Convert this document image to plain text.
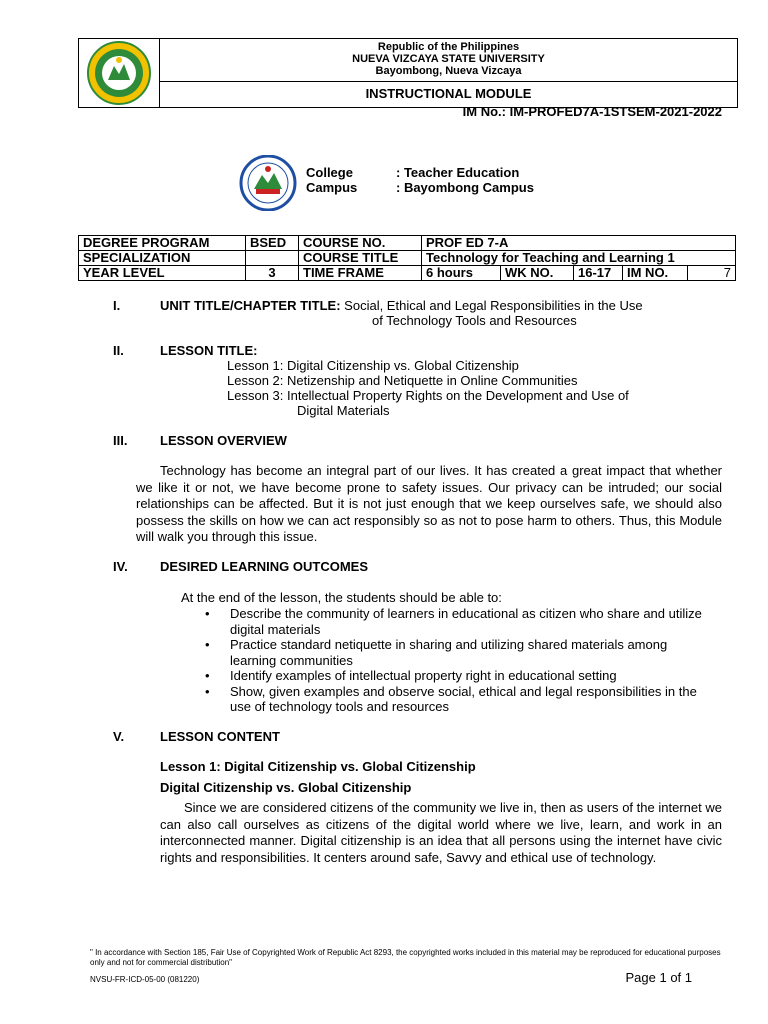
Republic of the Philippines
NUEVA VIZCAYA STATE UNIVERSITY
Bayombong, Nueva Vizcaya
INSTRUCTIONAL MODULE
IM No.: IM-PROFED7A-1STSEM-2021-2022
College	: Teacher Education
Campus	: Bayombong Campus
DEGREE PROGRAM	BSED	COURSE NO.	PROF ED 7-A				
SPECIALIZATION		COURSE TITLE	Technology for Teaching and Learning 1				
YEAR LEVEL	3	TIME FRAME	6 hours	WK NO.	16-17	IM NO.	7
I.	UNIT TITLE/CHAPTER TITLE: Social, Ethical and Legal Responsibilities in the Use
of Technology Tools and Resources
II.	LESSON TITLE:
Lesson 1: Digital Citizenship vs. Global Citizenship
Lesson 2: Netizenship and Netiquette in Online Communities
Lesson 3: Intellectual Property Rights on the Development and Use of
Digital Materials
III.	LESSON OVERVIEW
Technology has become an integral part of our lives. It has created a great impact that whether we like it or not, we have become prone to safety issues. Our privacy can be intruded; our social relationships can be affected. But it is not just enough that we keep ourselves safe, we should also possess the skills on how we can act responsibly so as not to pose harm to others. Thus, this Module will walk you through this issue.
IV. DESIRED LEARNING OUTCOMES
At the end of the lesson, the students should be able to:
•	Describe the community of learners in educational as citizen who share and utilize digital materials
•	Practice standard netiquette in sharing and utilizing shared materials among learning communities
•	Identify examples of intellectual property right in educational setting
•	Show, given examples and observe social, ethical and legal responsibilities in the use of technology tools and resources
V.	LESSON CONTENT
Lesson 1: Digital Citizenship vs. Global Citizenship
Digital Citizenship vs. Global Citizenship
Since we are considered citizens of the community we live in, then as users of the internet we can also call ourselves as citizens of the digital world where we live, learn, and work in an interconnected manner. Digital citizenship is an idea that all persons using the internet have civic rights and responsibilities. It centers around safe, Savvy and ethical use of technology.
" In accordance with Section 185, Fair Use of Copyrighted Work of Republic Act 8293, the copyrighted works included in this material may be reproduced for educational purposes only and not for commercial distribution"
NVSU-FR-ICD-05-00 (081220)	Page 1 of 1
